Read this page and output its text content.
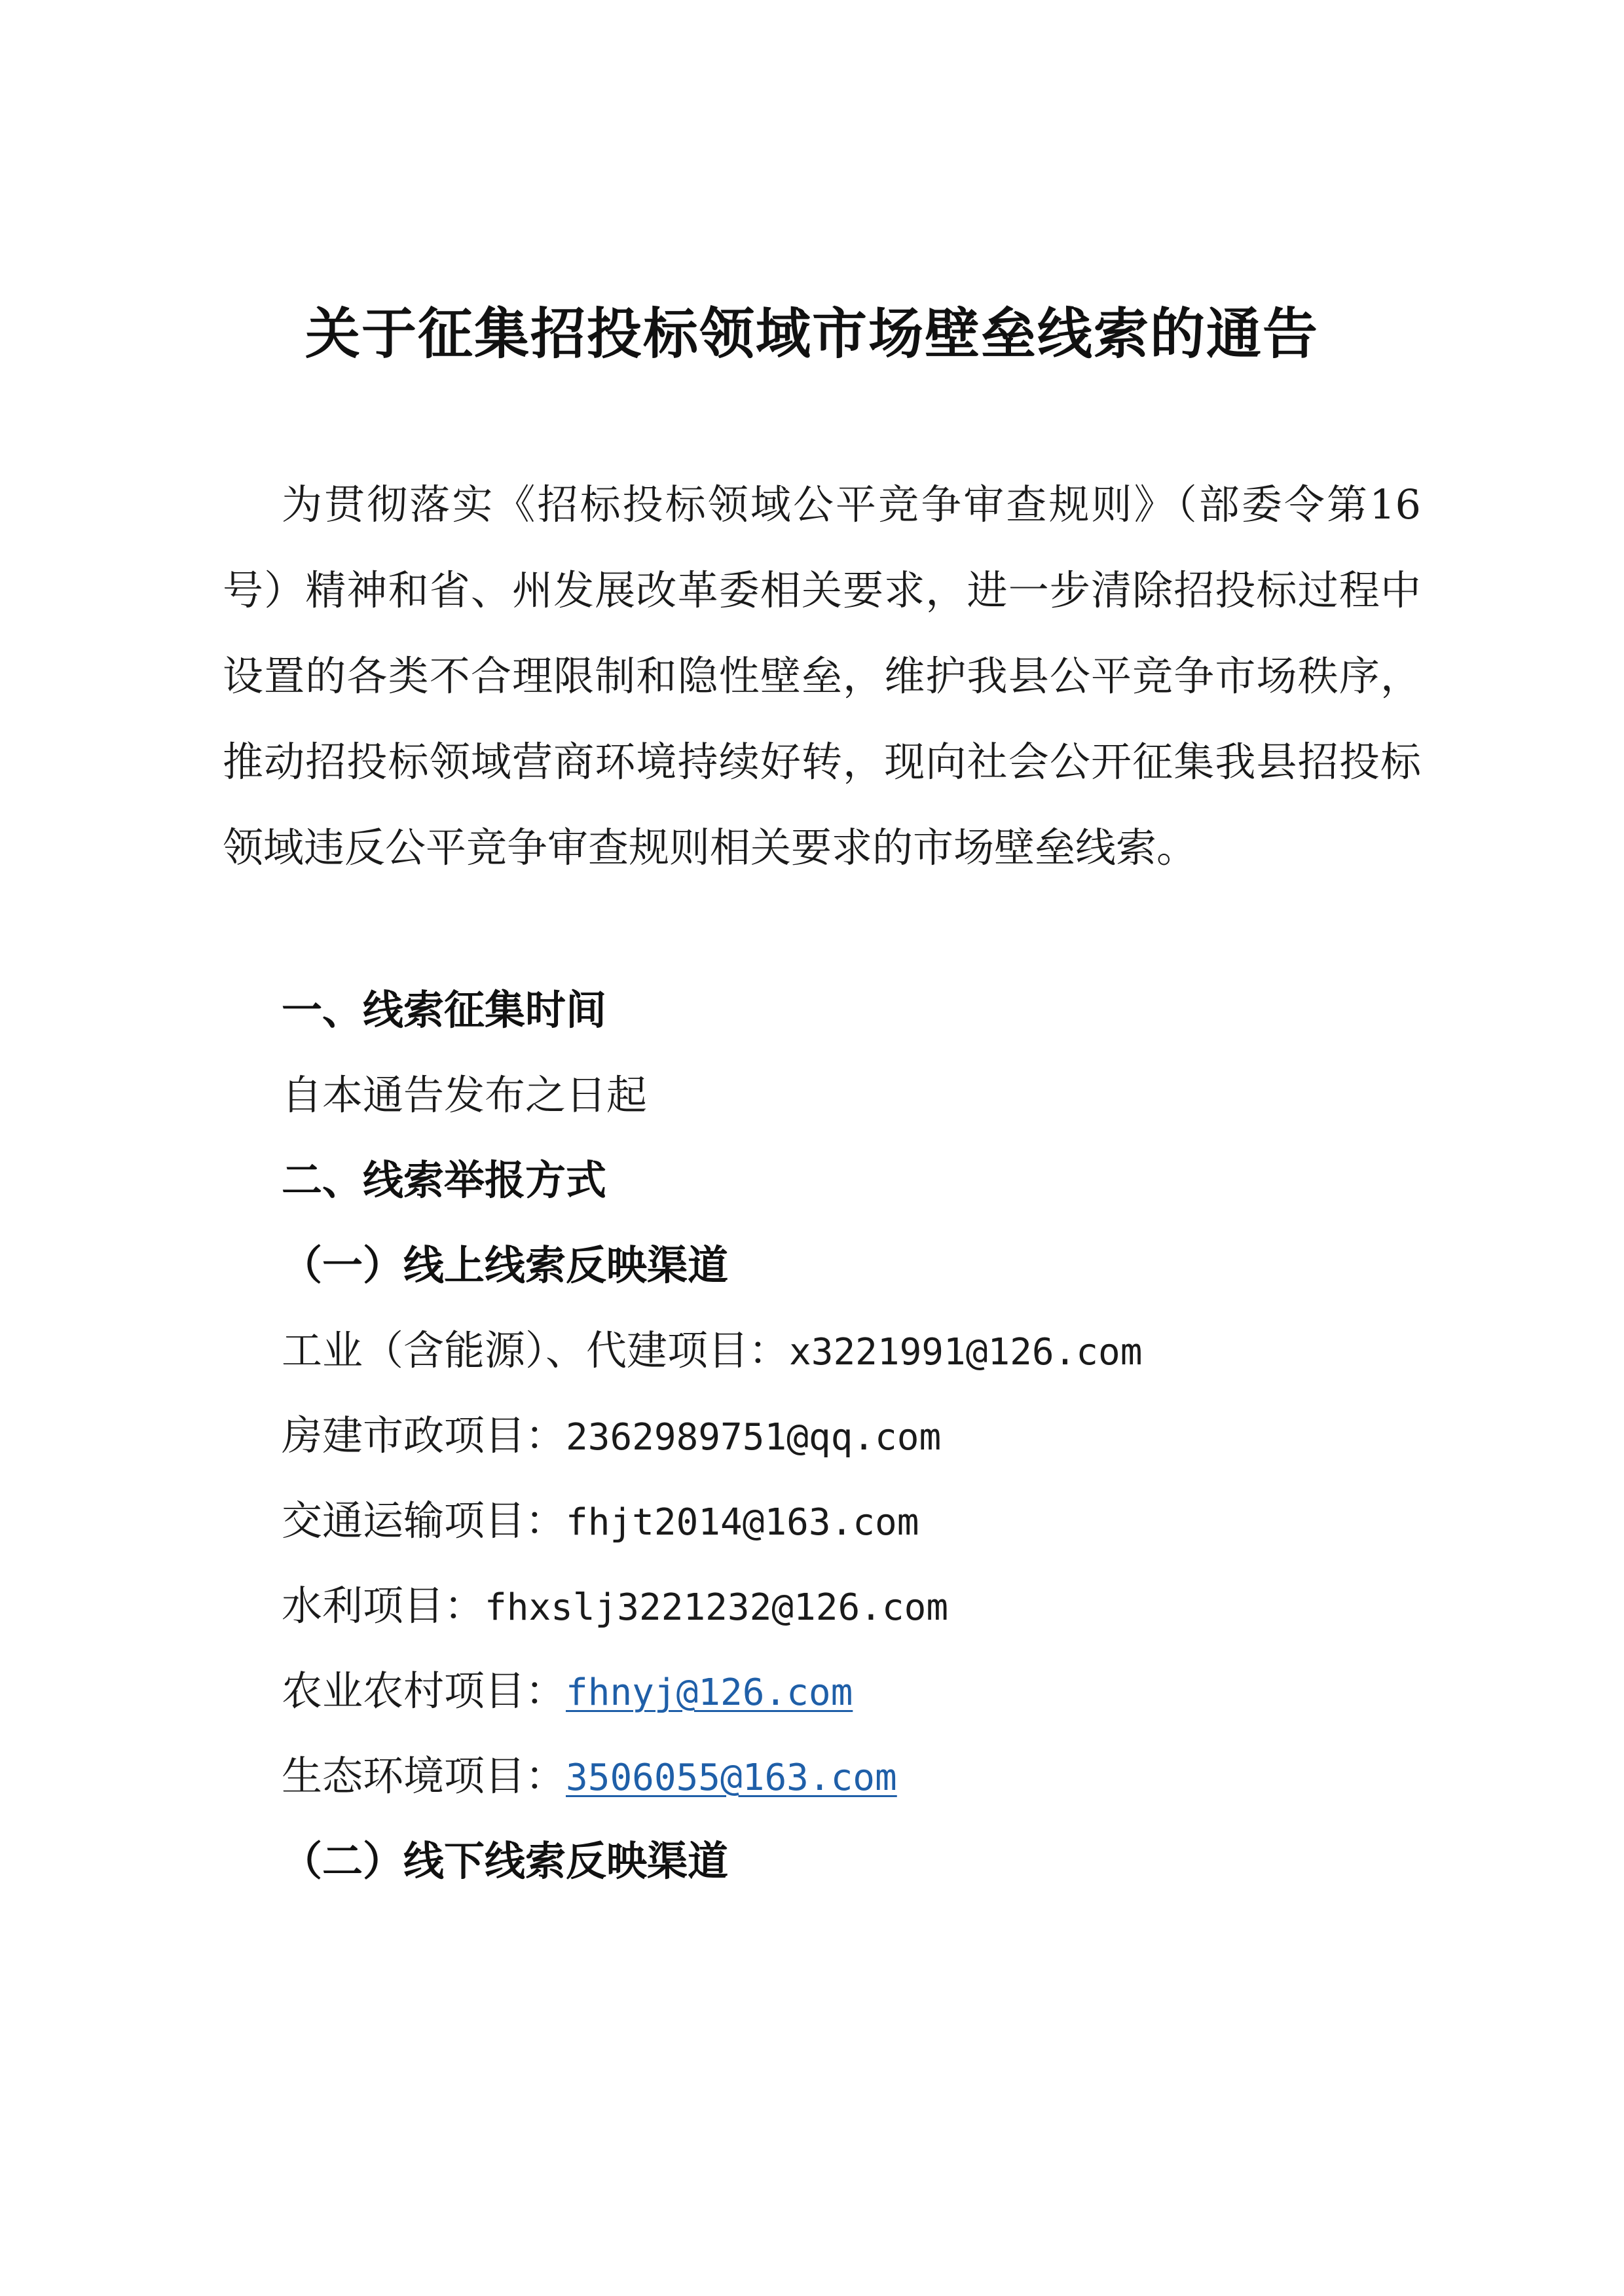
关于征集招投标领域市场壁垒线索的通告
为贯彻落实《招标投标领域公平竞争审查规则》（部委令第16号）精神和省、州发展改革委相关要求，进一步清除招投标过程中设置的各类不合理限制和隐性壁垒，维护我县公平竞争市场秩序，推动招投标领域营商环境持续好转，现向社会公开征集我县招投标领域违反公平竞争审查规则相关要求的市场壁垒线索。
一、线索征集时间
自本通告发布之日起
二、线索举报方式
（一）线上线索反映渠道
工业（含能源）、代建项目：x3221991@126.com
房建市政项目：2362989751@qq.com
交通运输项目：fhjt2014@163.com
水利项目：fhxslj3221232@126.com
农业农村项目：fhnyj@126.com
生态环境项目：3506055@163.com
（二）线下线索反映渠道
